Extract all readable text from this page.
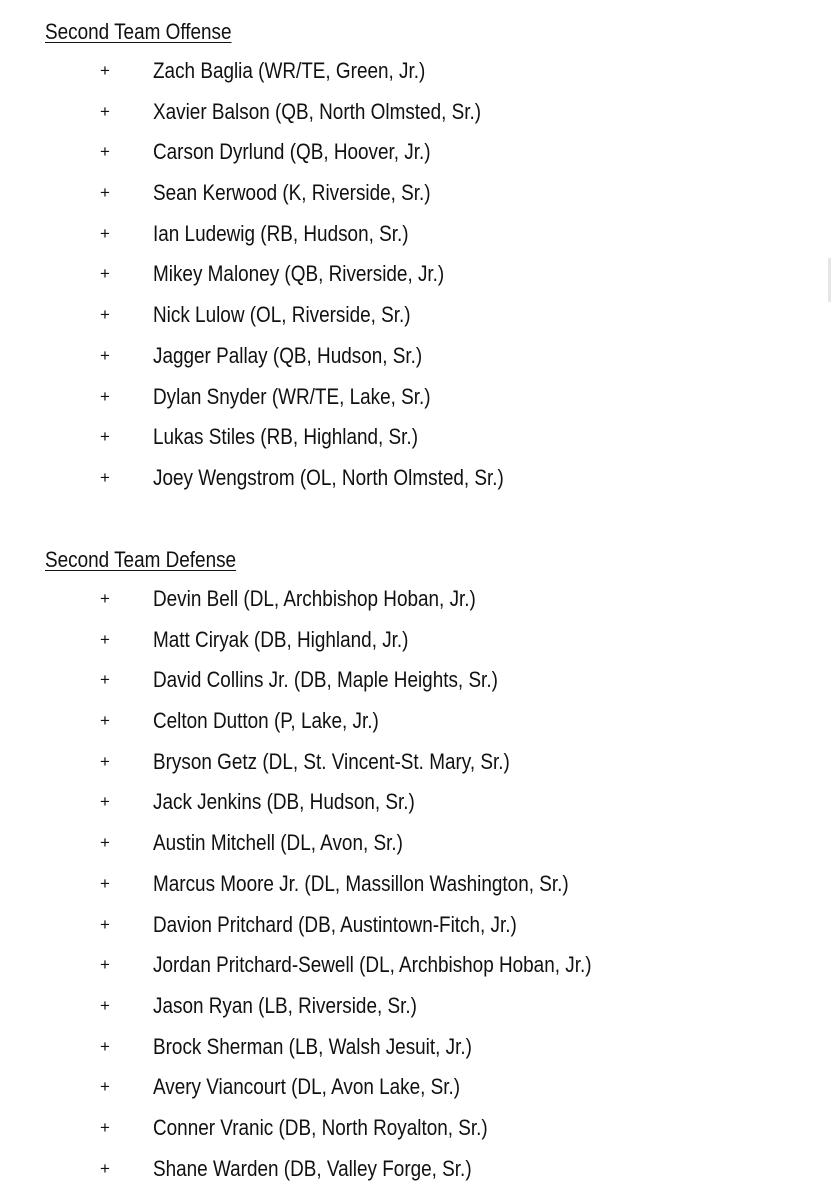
Second Team Offense
+ Zach Baglia (WR/TE, Green, Jr.)
+ Xavier Balson (QB, North Olmsted, Sr.)
+ Carson Dyrlund (QB, Hoover, Jr.)
+ Sean Kerwood (K, Riverside, Sr.)
+ Ian Ludewig (RB, Hudson, Sr.)
+ Mikey Maloney (QB, Riverside, Jr.)
+ Nick Lulow (OL, Riverside, Sr.)
+ Jagger Pallay (QB, Hudson, Sr.)
+ Dylan Snyder (WR/TE, Lake, Sr.)
+ Lukas Stiles (RB, Highland, Sr.)
+ Joey Wengstrom (OL, North Olmsted, Sr.)
Second Team Defense
+ Devin Bell (DL, Archbishop Hoban, Jr.)
+ Matt Ciryak (DB, Highland, Jr.)
+ David Collins Jr. (DB, Maple Heights, Sr.)
+ Celton Dutton (P, Lake, Jr.)
+ Bryson Getz (DL, St. Vincent-St. Mary, Sr.)
+ Jack Jenkins (DB, Hudson, Sr.)
+ Austin Mitchell (DL, Avon, Sr.)
+ Marcus Moore Jr. (DL, Massillon Washington, Sr.)
+ Davion Pritchard (DB, Austintown-Fitch, Jr.)
+ Jordan Pritchard-Sewell (DL, Archbishop Hoban, Jr.)
+ Jason Ryan (LB, Riverside, Sr.)
+ Brock Sherman (LB, Walsh Jesuit, Jr.)
+ Avery Viancourt (DL, Avon Lake, Sr.)
+ Conner Vranic (DB, North Royalton, Sr.)
+ Shane Warden (DB, Valley Forge, Sr.)
